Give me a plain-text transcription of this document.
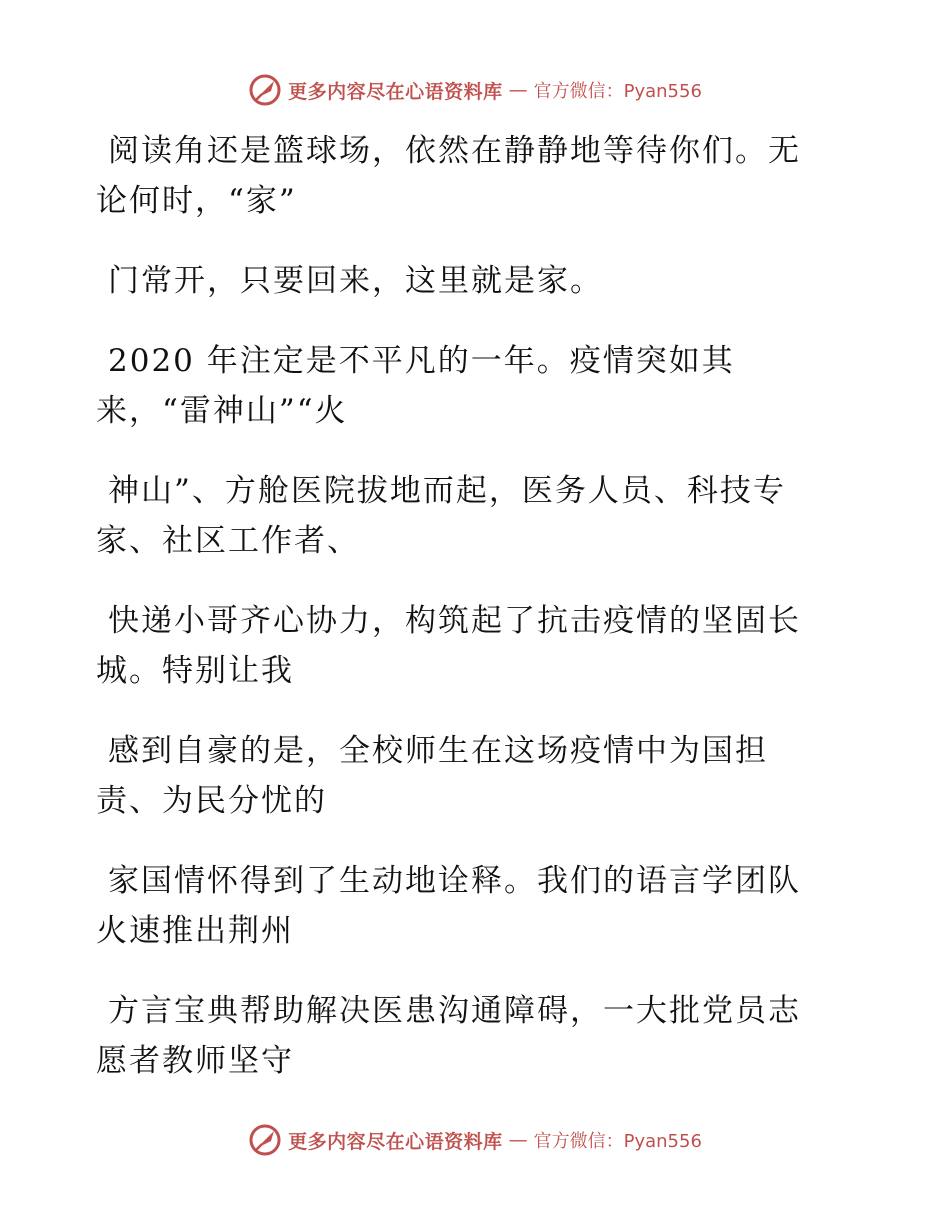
更多内容尽在心语资料库 — 官方微信：Pyan556

阅读角还是篮球场，依然在静静地等待你们。无
论何时，“家”

门常开，只要回来，这里就是家。

2020 年注定是不平凡的一年。疫情突如其
来，“雷神山”“火

神山”、方舱医院拔地而起，医务人员、科技专
家、社区工作者、

快递小哥齐心协力，构筑起了抗击疫情的坚固长
城。特别让我

感到自豪的是，全校师生在这场疫情中为国担
责、为民分忧的

家国情怀得到了生动地诠释。我们的语言学团队
火速推出荆州

方言宝典帮助解决医患沟通障碍，一大批党员志
愿者教师坚守

更多内容尽在心语资料库 — 官方微信：Pyan556
